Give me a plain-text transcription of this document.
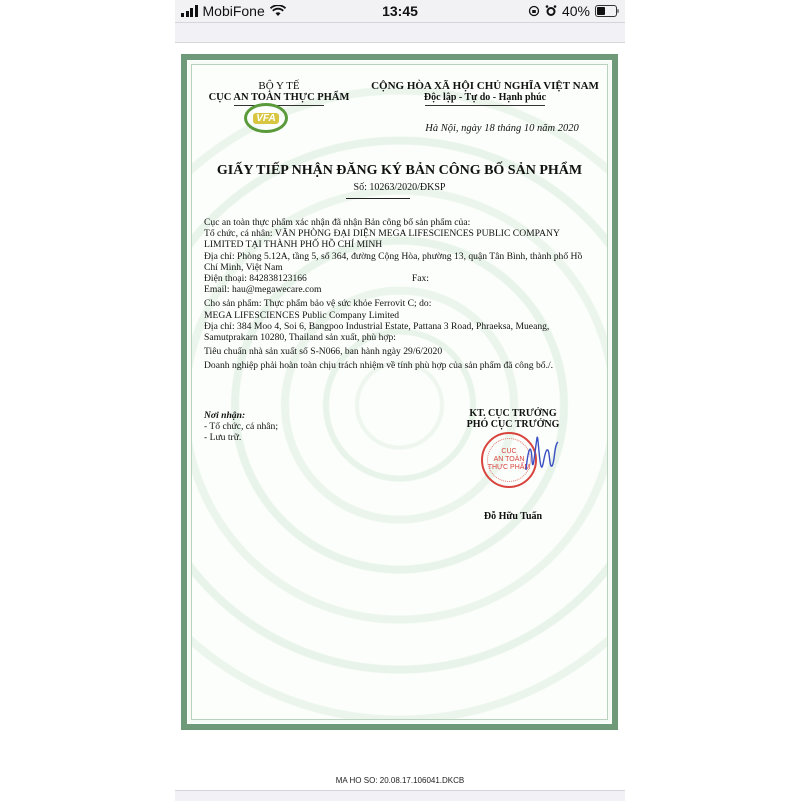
MobiFone	13:45	40%
BỘ Y TẾ
CỤC AN TOÀN THỰC PHẨM
VFA
CỘNG HÒA XÃ HỘI CHỦ NGHĨA VIỆT NAM
Độc lập - Tự do - Hạnh phúc
Hà Nội, ngày 18 tháng 10 năm 2020
GIẤY TIẾP NHẬN ĐĂNG KÝ BẢN CÔNG BỐ SẢN PHẨM
Số: 10263/2020/ĐKSP

Cục an toàn thực phẩm xác nhận đã nhận Bản công bố sản phẩm của:

Tổ chức, cá nhân: VĂN PHÒNG ĐẠI DIỆN MEGA LIFESCIENCES PUBLIC COMPANY LIMITED TẠI THÀNH PHỐ HỒ CHÍ MINH

Địa chỉ: Phòng 5.12A, tầng 5, số 364, đường Cộng Hòa, phường 13, quận Tân Bình, thành phố Hồ Chí Minh, Việt Nam

Điện thoại: 842838123166	Fax:

Email: hau@megawecare.com

Cho sản phẩm: Thực phẩm bảo vệ sức khỏe Ferrovit C; do:

MEGA LIFESCIENCES Public Company Limited

Địa chỉ: 384 Moo 4, Soi 6, Bangpoo Industrial Estate, Pattana 3 Road, Phraeksa, Mueang, Samutprakarn 10280, Thailand sản xuất, phù hợp:

Tiêu chuẩn nhà sản xuất số S-N066, ban hành ngày 29/6/2020

Doanh nghiệp phải hoàn toàn chịu trách nhiệm về tính phù hợp của sản phẩm đã công bố./.

Nơi nhận:
- Tổ chức, cá nhân;
- Lưu trữ.
KT. CỤC TRƯỞNG
PHÓ CỤC TRƯỞNG
CỤC
AN TOÀN
THỰC PHẨM
Đỗ Hữu Tuấn
MA HO SO: 20.08.17.106041.DKCB
